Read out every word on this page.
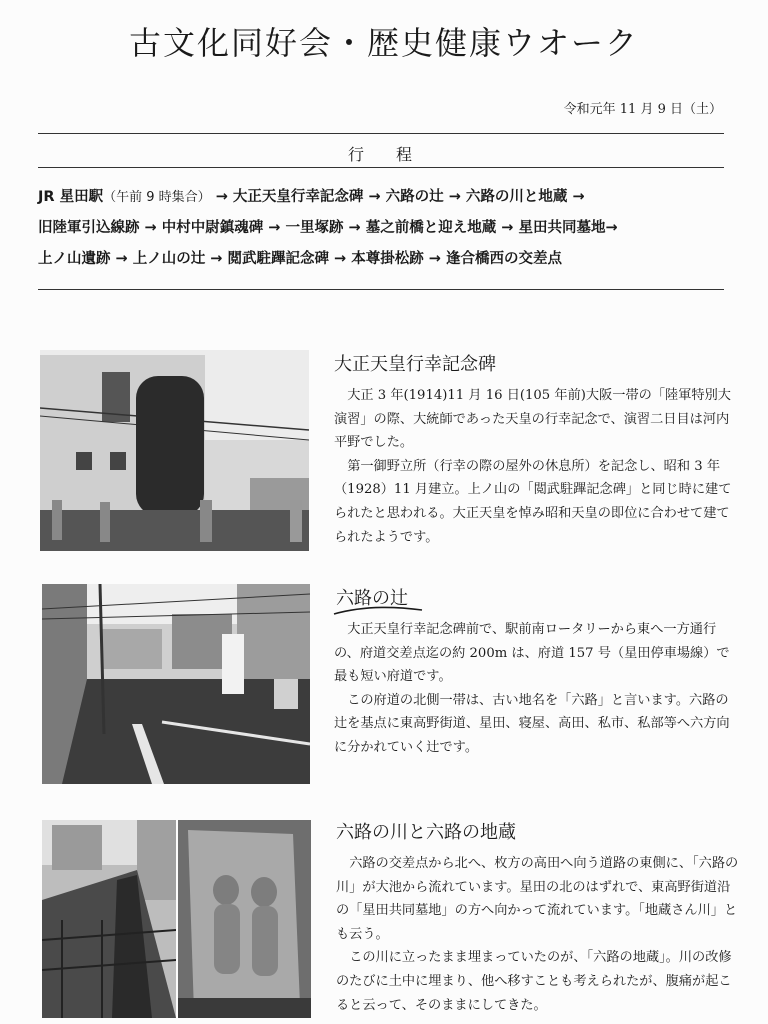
古文化同好会・歴史健康ウオーク
令和元年 11 月 9 日（土）
行　程
JR 星田駅（午前 9 時集合） → 大正天皇行幸記念碑 → 六路の辻 → 六路の川と地蔵 →
旧陸軍引込線跡 → 中村中尉鎮魂碑 → 一里塚跡 → 墓之前橋と迎え地蔵 → 星田共同墓地→
上ノ山遺跡 → 上ノ山の辻 → 閲武駐蹕記念碑 → 本尊掛松跡 → 逢合橋西の交差点
大正天皇行幸記念碑

大正 3 年(1914)11 月 16 日(105 年前)大阪一帯の「陸軍特別大演習」の際、大統師であった天皇の行幸記念で、演習二日目は河内平野でした。

第一御野立所（行幸の際の屋外の休息所）を記念し、昭和 3 年（1928）11 月建立。上ノ山の「閲武駐蹕記念碑」と同じ時に建てられたと思われる。大正天皇を悼み昭和天皇の即位に合わせて建てられたようです。

六路の辻

大正天皇行幸記念碑前で、駅前南ロータリーから東へ一方通行の、府道交差点迄の約 200m は、府道 157 号（星田停車場線）で最も短い府道です。

この府道の北側一帯は、古い地名を「六路」と言います。六路の辻を基点に東高野街道、星田、寝屋、高田、私市、私部等へ六方向に分かれていく辻です。

六路の川と六路の地蔵

六路の交差点から北へ、枚方の高田へ向う道路の東側に、「六路の川」が大池から流れています。星田の北のはずれで、東高野街道沿の「星田共同墓地」の方へ向かって流れています。「地蔵さん川」とも云う。

この川に立ったまま埋まっていたのが、「六路の地蔵」。川の改修のたびに土中に埋まり、他へ移すことも考えられたが、腹痛が起こると云って、そのままにしてきた。
